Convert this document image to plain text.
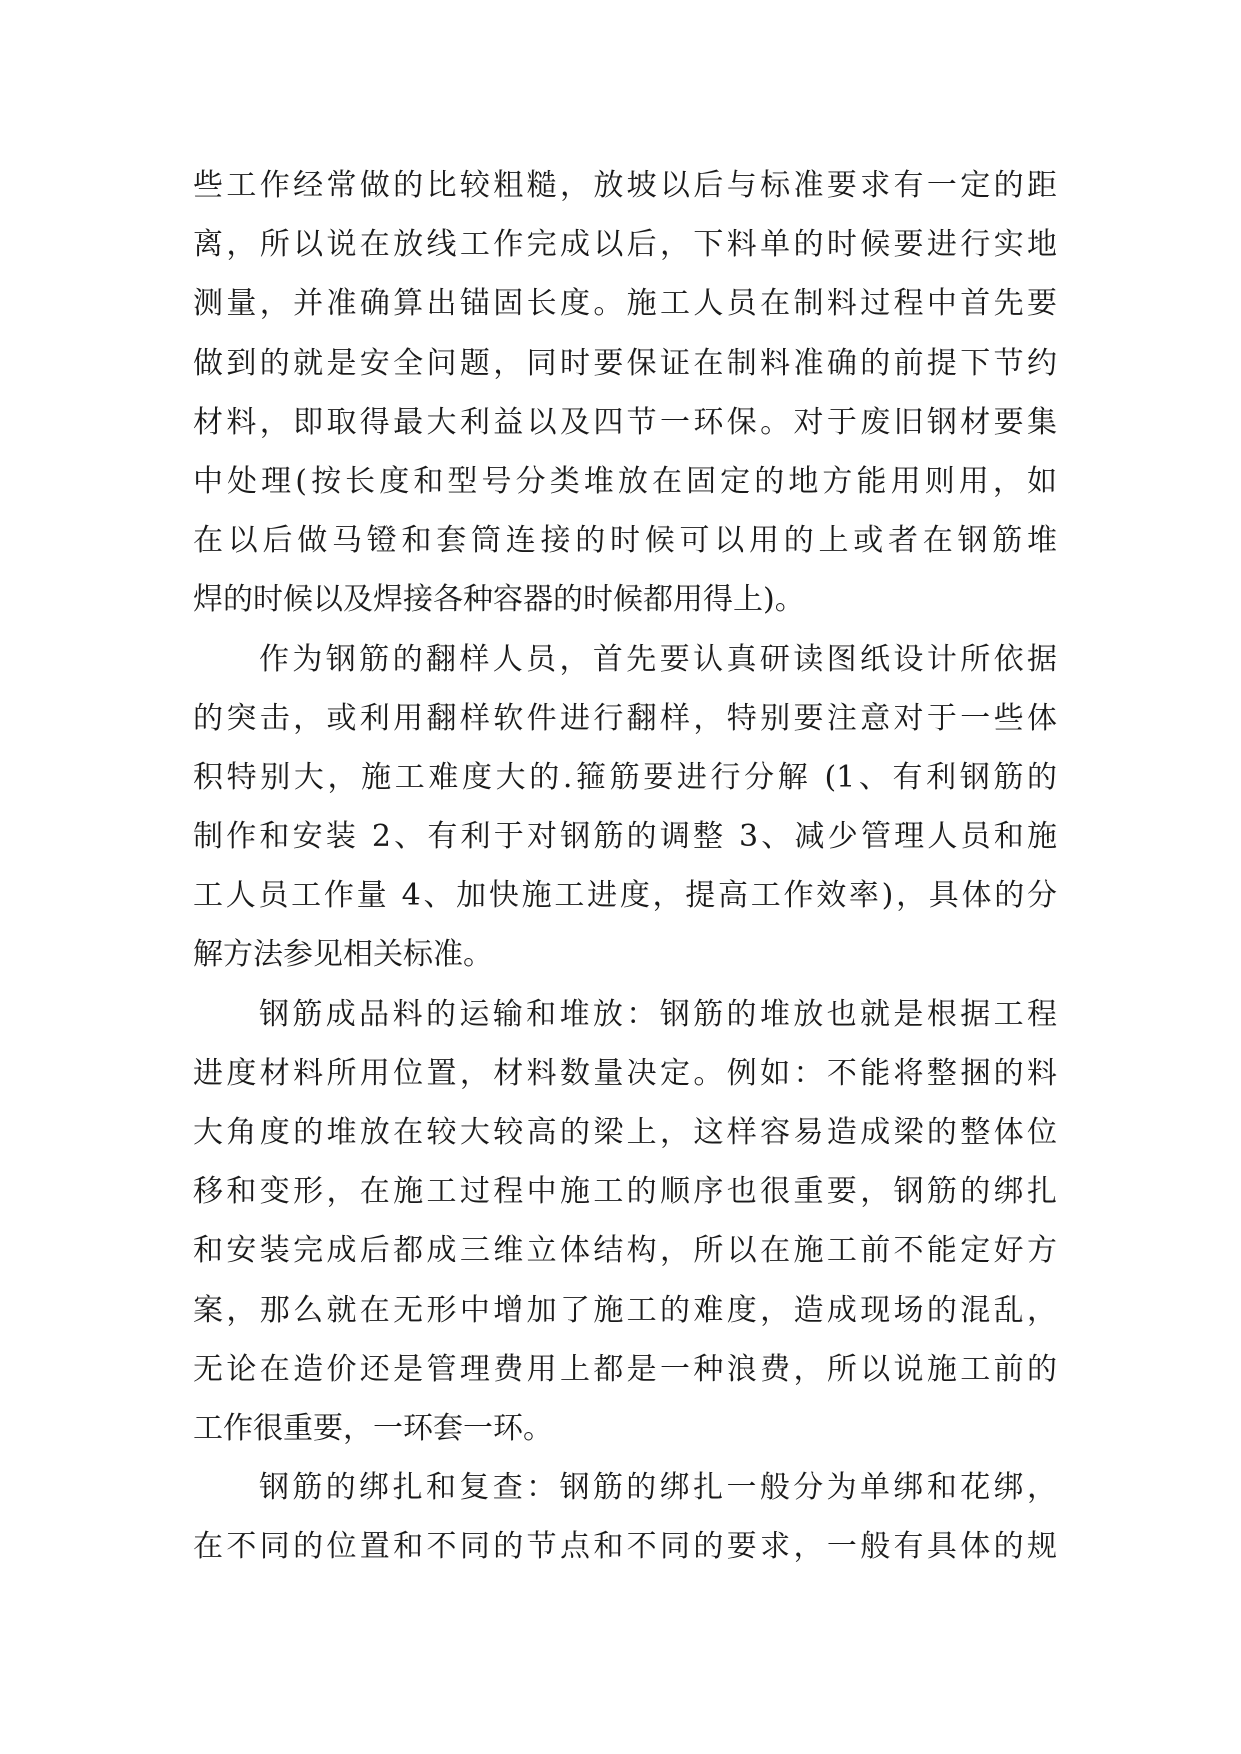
些工作经常做的比较粗糙，放坡以后与标准要求有一定的距
离，所以说在放线工作完成以后，下料单的时候要进行实地
测量，并准确算出锚固长度。施工人员在制料过程中首先要
做到的就是安全问题，同时要保证在制料准确的前提下节约
材料，即取得最大利益以及四节一环保。对于废旧钢材要集
中处理(按长度和型号分类堆放在固定的地方能用则用，如
在以后做马镫和套筒连接的时候可以用的上或者在钢筋堆
焊的时候以及焊接各种容器的时候都用得上)。
作为钢筋的翻样人员，首先要认真研读图纸设计所依据
的突击，或利用翻样软件进行翻样，特别要注意对于一些体
积特别大，施工难度大的.箍筋要进行分解 (1、有利钢筋的
制作和安装 2、有利于对钢筋的调整 3、减少管理人员和施
工人员工作量 4、加快施工进度，提高工作效率)，具体的分
解方法参见相关标准。
钢筋成品料的运输和堆放：钢筋的堆放也就是根据工程
进度材料所用位置，材料数量决定。例如：不能将整捆的料
大角度的堆放在较大较高的梁上，这样容易造成梁的整体位
移和变形，在施工过程中施工的顺序也很重要，钢筋的绑扎
和安装完成后都成三维立体结构，所以在施工前不能定好方
案，那么就在无形中增加了施工的难度，造成现场的混乱，
无论在造价还是管理费用上都是一种浪费，所以说施工前的
工作很重要，一环套一环。
钢筋的绑扎和复查：钢筋的绑扎一般分为单绑和花绑，
在不同的位置和不同的节点和不同的要求，一般有具体的规
